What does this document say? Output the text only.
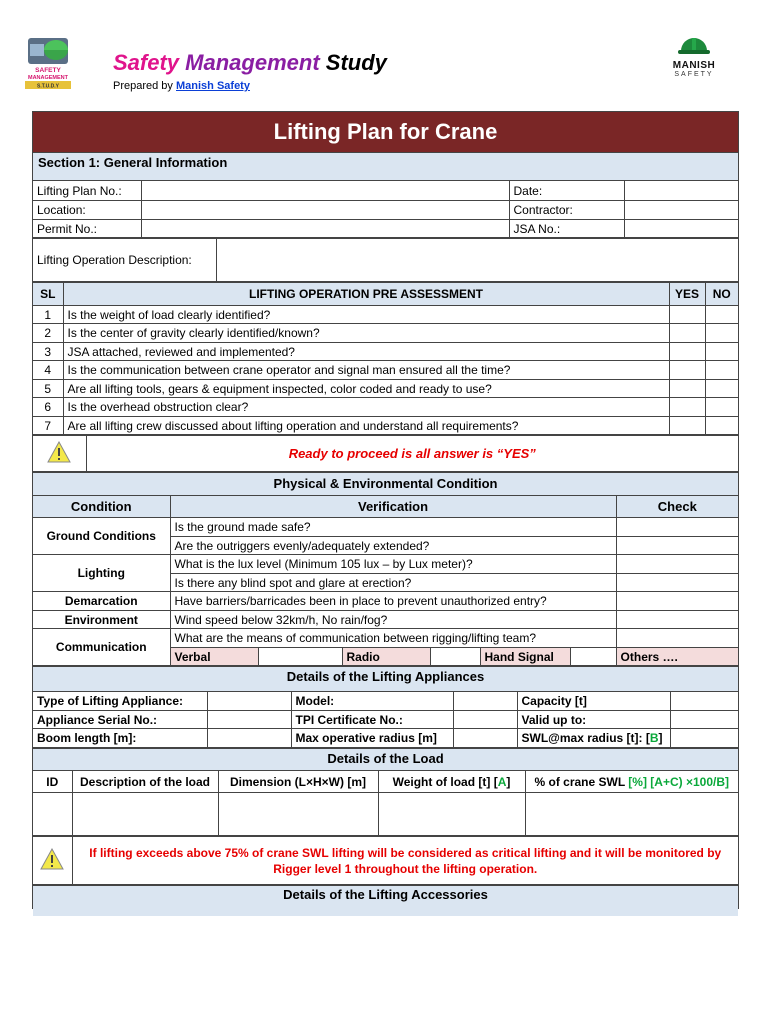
SAFETY
MANAGEMENT
S.T.U.D.Y
Safety Management Study
Prepared by Manish Safety
MANISH
SAFETY
Lifting Plan for Crane
Section 1: General Information
Lifting Plan No.:		Date:	
Location:		Contractor:	
Permit No.:		JSA No.:	
Lifting Operation Description:	
SL	LIFTING OPERATION PRE ASSESSMENT	YES	NO
1	Is the weight of load clearly identified?		
2	Is the center of gravity clearly identified/known?		
3	JSA attached, reviewed and implemented?		
4	Is the communication between crane operator and signal man ensured all the time?		
5	Are all lifting tools, gears & equipment inspected, color coded and ready to use?		
6	Is the overhead obstruction clear?		
7	Are all lifting crew discussed about lifting operation and understand all requirements?		
	Ready to proceed is all answer is “YES”
Physical & Environmental Condition
Condition	Verification						Check
Ground Conditions	Is the ground made safe?						
	Are the outriggers evenly/adequately extended?						
Lighting	What is the lux level (Minimum 105 lux – by Lux meter)?						
	Is there any blind spot and glare at erection?						
Demarcation	Have barriers/barricades been in place to prevent unauthorized entry?						
Environment	Wind speed below 32km/h, No rain/fog?						
Communication	What are the means of communication between rigging/lifting team?						
	Verbal		Radio		Hand Signal		Others ….
Details of the Lifting Appliances
Type of Lifting Appliance:		Model:		Capacity [t]	
Appliance Serial No.:		TPI Certificate No.:		Valid up to:	
Boom length [m]:		Max operative radius [m]		SWL@max radius [t]: [B]	
Details of the Load
ID	Description of the load	Dimension (L×H×W) [m]	Weight of load [t] [A]	% of crane SWL [%] [A+C) ×100/B]

	If lifting exceeds above 75% of crane SWL lifting will be considered as critical lifting and it will be monitored by Rigger level 1 throughout the lifting operation.
Details of the Lifting Accessories
